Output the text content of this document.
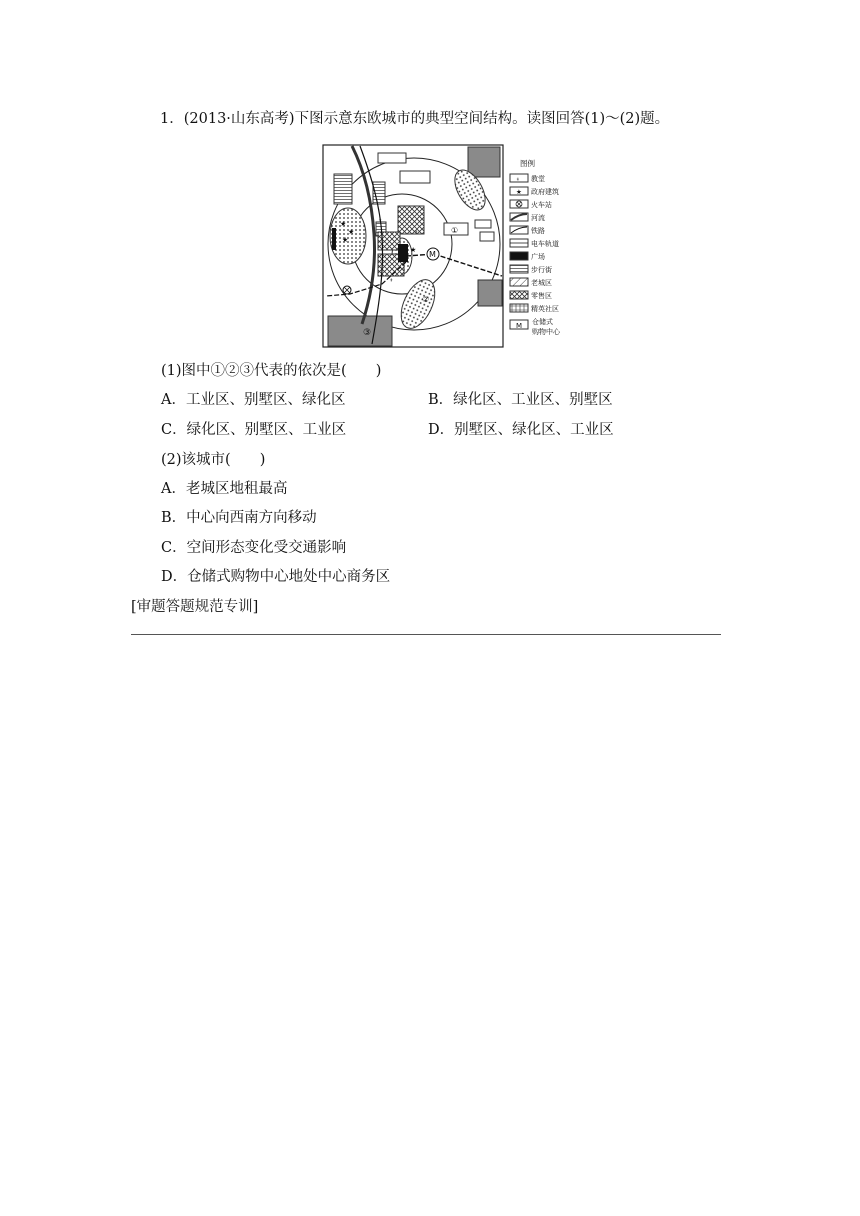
1．(2013·山东高考)下图示意东欧城市的典型空间结构。读图回答(1)～(2)题。
③
①
②
★
★
★
★ M
⍖
⍖
⍖
图例
⍖ 教堂
★ 政府建筑
火车站
河流
铁路
电车轨道
广场
步行街
老城区
零售区
精英社区
M 仓储式
购物中心
(1)图中①②③代表的依次是(　　)
A．工业区、别墅区、绿化区	B．绿化区、工业区、别墅区
C．绿化区、别墅区、工业区	D．别墅区、绿化区、工业区
(2)该城市(　　)
A．老城区地租最高
B．中心向西南方向移动
C．空间形态变化受交通影响
D．仓储式购物中心地处中心商务区
[审题答题规范专训]
